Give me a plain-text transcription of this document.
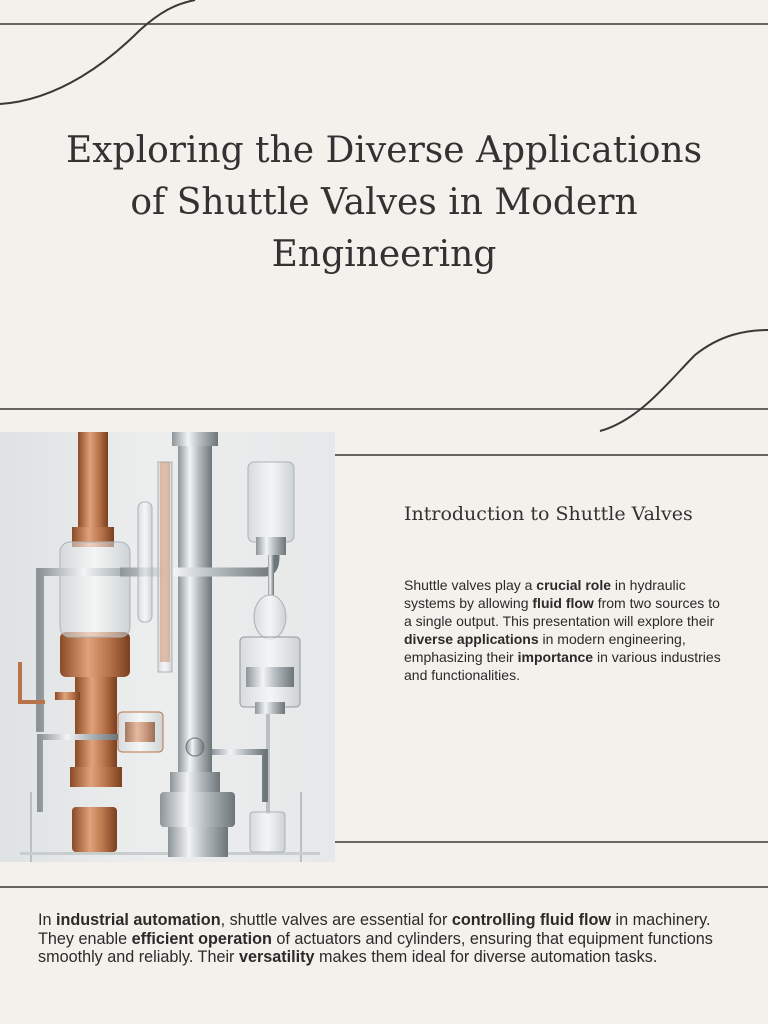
Exploring the Diverse Applications of Shuttle Valves in Modern Engineering
Introduction to Shuttle Valves

Shuttle valves play a crucial role in hydraulic systems by allowing fluid flow from two sources to a single output. This presentation will explore their diverse applications in modern engineering, emphasizing their importance in various industries and functionalities.

In industrial automation, shuttle valves are essential for controlling fluid flow in machinery. They enable efficient operation of actuators and cylinders, ensuring that equipment functions smoothly and reliably. Their versatility makes them ideal for diverse automation tasks.
